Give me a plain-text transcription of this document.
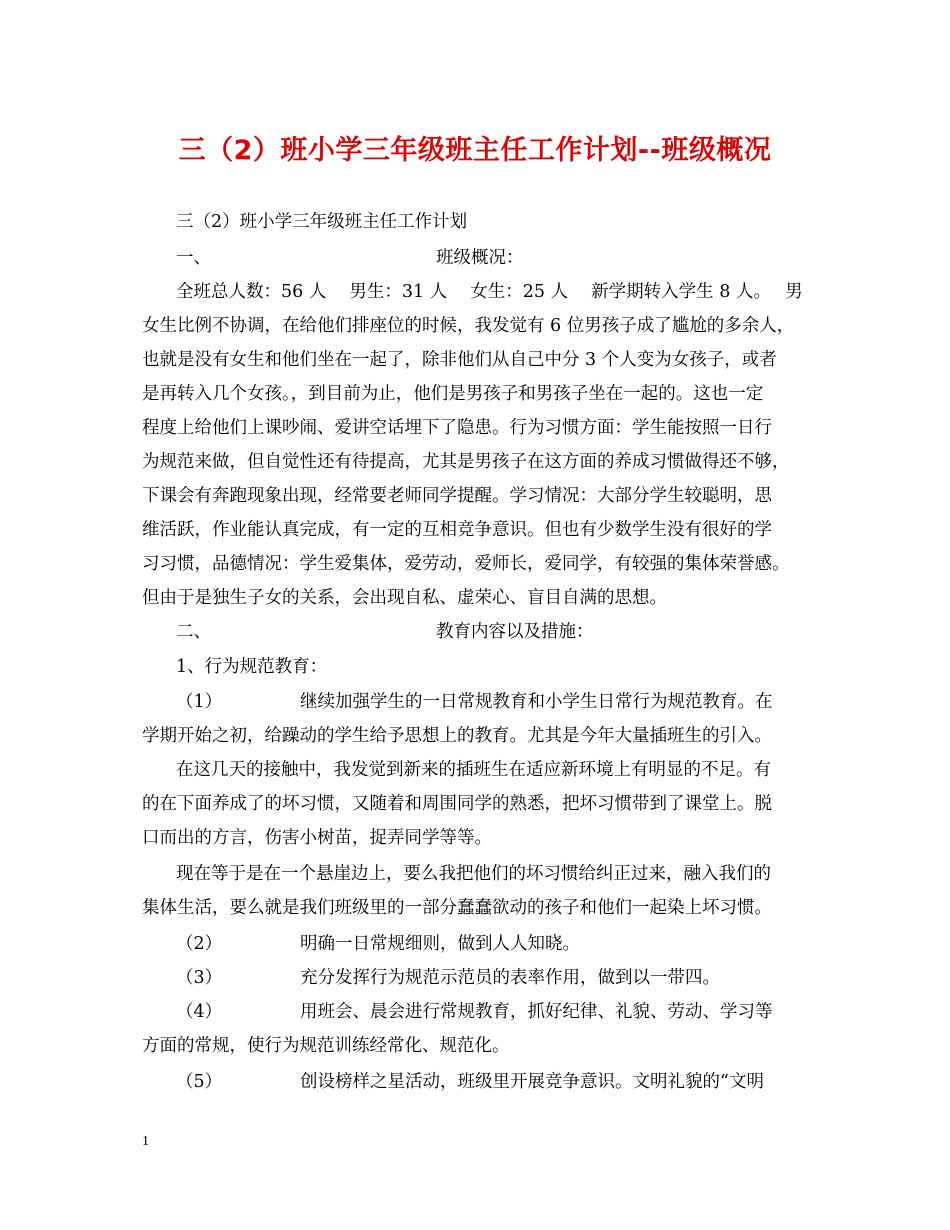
三（2）班小学三年级班主任工作计划--班级概况
三（2）班小学三年级班主任工作计划
一、	班级概况：
全班总人数：56 人　 男生：31 人　 女生：25 人　 新学期转入学生 8 人。　 男
女生比例不协调，在给他们排座位的时候，我发觉有 6 位男孩子成了尴尬的多余人，
也就是没有女生和他们坐在一起了，除非他们从自己中分 3 个人变为女孩子，或者
是再转入几个女孩。，到目前为止，他们是男孩子和男孩子坐在一起的。这也一定
程度上给他们上课吵闹、爱讲空话埋下了隐患。行为习惯方面：学生能按照一日行
为规范来做，但自觉性还有待提高，尤其是男孩子在这方面的养成习惯做得还不够，
下课会有奔跑现象出现，经常要老师同学提醒。学习情况：大部分学生较聪明，思
维活跃，作业能认真完成，有一定的互相竞争意识。但也有少数学生没有很好的学
习习惯，品德情况：学生爱集体，爱劳动，爱师长，爱同学，有较强的集体荣誉感。
但由于是独生子女的关系，会出现自私、虚荣心、盲目自满的思想。
二、	教育内容以及措施：
1、行为规范教育：
（1）	继续加强学生的一日常规教育和小学生日常行为规范教育。在
学期开始之初，给躁动的学生给予思想上的教育。尤其是今年大量插班生的引入。
在这几天的接触中，我发觉到新来的插班生在适应新环境上有明显的不足。有
的在下面养成了的坏习惯，又随着和周围同学的熟悉，把坏习惯带到了课堂上。脱
口而出的方言，伤害小树苗，捉弄同学等等。
现在等于是在一个悬崖边上，要么我把他们的坏习惯给纠正过来，融入我们的
集体生活，要么就是我们班级里的一部分蠢蠢欲动的孩子和他们一起染上坏习惯。
（2）	明确一日常规细则，做到人人知晓。
（3）	充分发挥行为规范示范员的表率作用，做到以一带四。
（4）	用班会、晨会进行常规教育，抓好纪律、礼貌、劳动、学习等
方面的常规，使行为规范训练经常化、规范化。
（5）	创设榜样之星活动，班级里开展竞争意识。文明礼貌的“文明
1
